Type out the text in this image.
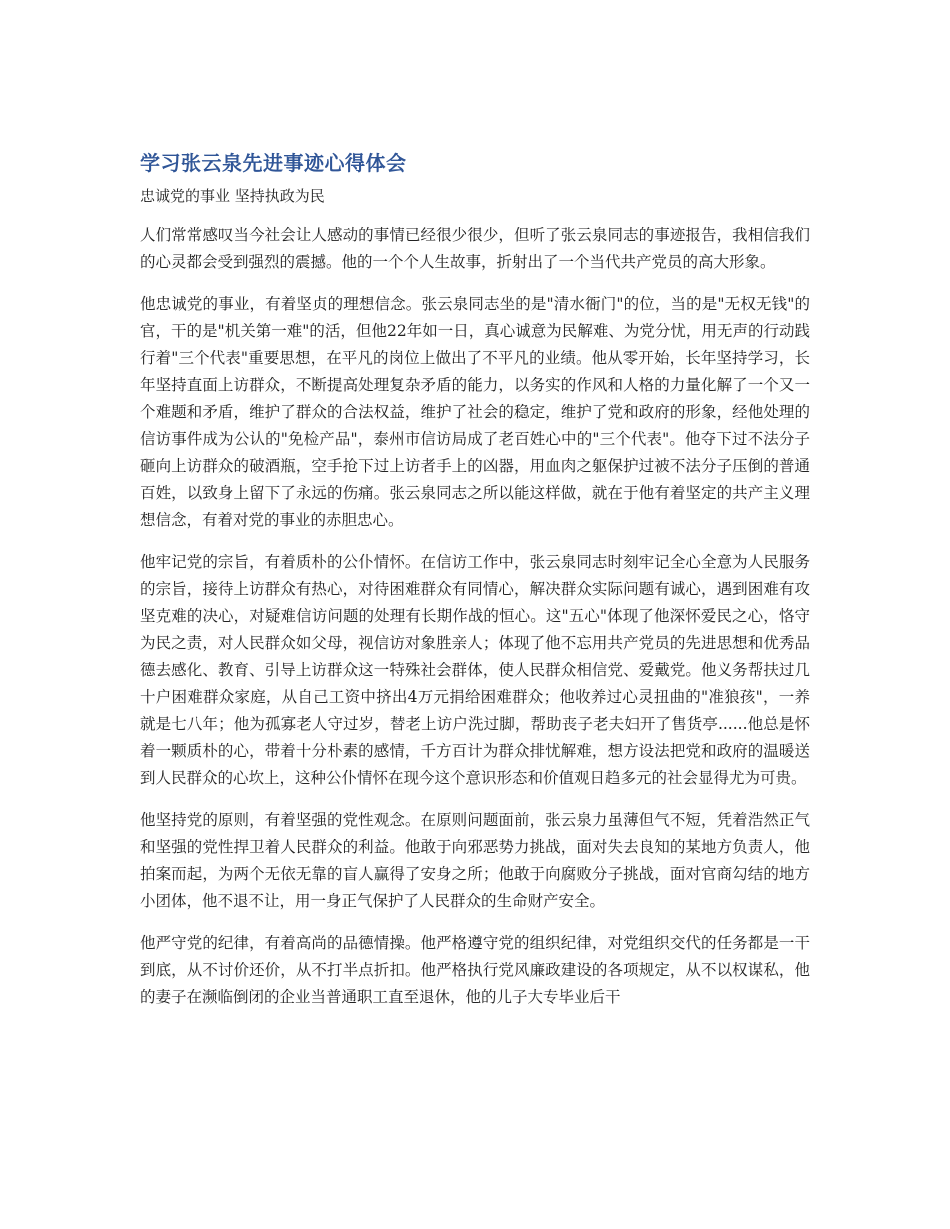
学习张云泉先进事迹心得体会

忠诚党的事业 坚持执政为民

人们常常感叹当今社会让人感动的事情已经很少很少，但听了张云泉同志的事迹报告，我相信我们的心灵都会受到强烈的震撼。他的一个个人生故事，折射出了一个当代共产党员的高大形象。

他忠诚党的事业，有着坚贞的理想信念。张云泉同志坐的是"清水衙门"的位，当的是"无权无钱"的官，干的是"机关第一难"的活，但他22年如一日，真心诚意为民解难、为党分忧，用无声的行动践行着"三个代表"重要思想，在平凡的岗位上做出了不平凡的业绩。他从零开始，长年坚持学习，长年坚持直面上访群众，不断提高处理复杂矛盾的能力，以务实的作风和人格的力量化解了一个又一个难题和矛盾，维护了群众的合法权益，维护了社会的稳定，维护了党和政府的形象，经他处理的信访事件成为公认的"免检产品"，泰州市信访局成了老百姓心中的"三个代表"。他夺下过不法分子砸向上访群众的破酒瓶，空手抢下过上访者手上的凶器，用血肉之躯保护过被不法分子压倒的普通百姓，以致身上留下了永远的伤痛。张云泉同志之所以能这样做，就在于他有着坚定的共产主义理想信念，有着对党的事业的赤胆忠心。

他牢记党的宗旨，有着质朴的公仆情怀。在信访工作中，张云泉同志时刻牢记全心全意为人民服务的宗旨，接待上访群众有热心，对待困难群众有同情心，解决群众实际问题有诚心，遇到困难有攻坚克难的决心，对疑难信访问题的处理有长期作战的恒心。这"五心"体现了他深怀爱民之心，恪守为民之责，对人民群众如父母，视信访对象胜亲人；体现了他不忘用共产党员的先进思想和优秀品德去感化、教育、引导上访群众这一特殊社会群体，使人民群众相信党、爱戴党。他义务帮扶过几十户困难群众家庭，从自己工资中挤出4万元捐给困难群众；他收养过心灵扭曲的"准狼孩"，一养就是七八年；他为孤寡老人守过岁，替老上访户洗过脚，帮助丧子老夫妇开了售货亭......他总是怀着一颗质朴的心，带着十分朴素的感情，千方百计为群众排忧解难，想方设法把党和政府的温暖送到人民群众的心坎上，这种公仆情怀在现今这个意识形态和价值观日趋多元的社会显得尤为可贵。

他坚持党的原则，有着坚强的党性观念。在原则问题面前，张云泉力虽薄但气不短，凭着浩然正气和坚强的党性捍卫着人民群众的利益。他敢于向邪恶势力挑战，面对失去良知的某地方负责人，他拍案而起，为两个无依无靠的盲人赢得了安身之所；他敢于向腐败分子挑战，面对官商勾结的地方小团体，他不退不让，用一身正气保护了人民群众的生命财产安全。

他严守党的纪律，有着高尚的品德情操。他严格遵守党的组织纪律，对党组织交代的任务都是一干到底，从不讨价还价，从不打半点折扣。他严格执行党风廉政建设的各项规定，从不以权谋私，他的妻子在濒临倒闭的企业当普通职工直至退休，他的儿子大专毕业后干
